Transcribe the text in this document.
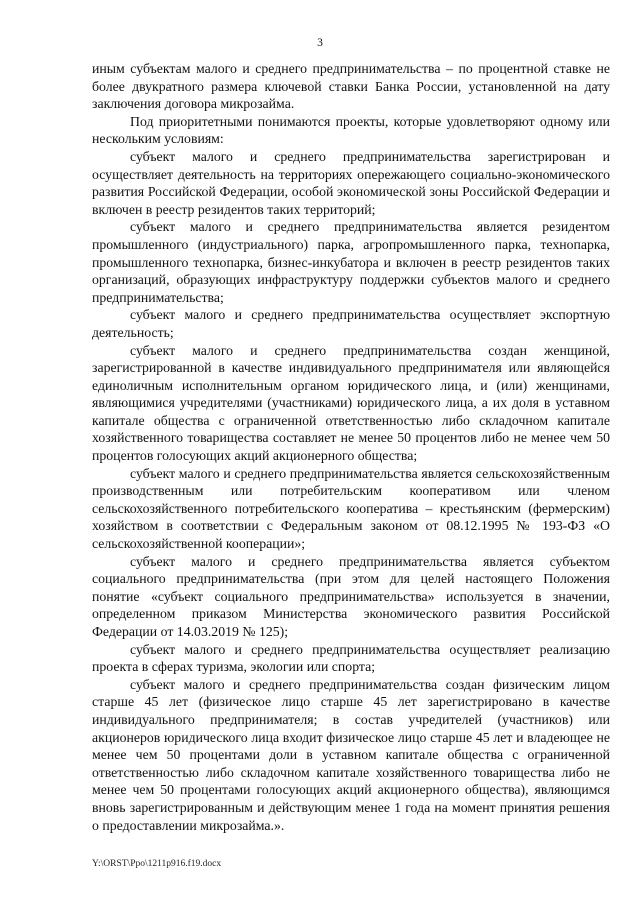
3

иным субъектам малого и среднего предпринимательства – по процентной ставке не более двукратного размера ключевой ставки Банка России, установленной на дату заключения договора микрозайма.

Под приоритетными понимаются проекты, которые удовлетворяют одному или нескольким условиям:

субъект малого и среднего предпринимательства зарегистрирован и осуществляет деятельность на территориях опережающего социально-экономического развития Российской Федерации, особой экономической зоны Российской Федерации и включен в реестр резидентов таких территорий;

субъект малого и среднего предпринимательства является резидентом промышленного (индустриального) парка, агропромышленного парка, технопарка, промышленного технопарка, бизнес-инкубатора и включен в реестр резидентов таких организаций, образующих инфраструктуру поддержки субъектов малого и среднего предпринимательства;

субъект малого и среднего предпринимательства осуществляет экспортную деятельность;

субъект малого и среднего предпринимательства создан женщиной, зарегистрированной в качестве индивидуального предпринимателя или являющейся единоличным исполнительным органом юридического лица, и (или) женщинами, являющимися учредителями (участниками) юридического лица, а их доля в уставном капитале общества с ограниченной ответственностью либо складочном капитале хозяйственного товарищества составляет не менее 50 процентов либо не менее чем 50 процентов голосующих акций акционерного общества;

субъект малого и среднего предпринимательства является сельскохозяйственным производственным или потребительским кооперативом или членом сельскохозяйственного потребительского кооператива – крестьянским (фермерским) хозяйством в соответствии с Федеральным законом от 08.12.1995 № 193-ФЗ «О сельскохозяйственной кооперации»;

субъект малого и среднего предпринимательства является субъектом социального предпринимательства (при этом для целей настоящего Положения понятие «субъект социального предпринимательства» используется в значении, определенном приказом Министерства экономического развития Российской Федерации от 14.03.2019 № 125);

субъект малого и среднего предпринимательства осуществляет реализацию проекта в сферах туризма, экологии или спорта;

субъект малого и среднего предпринимательства создан физическим лицом старше 45 лет (физическое лицо старше 45 лет зарегистрировано в качестве индивидуального предпринимателя; в состав учредителей (участников) или акционеров юридического лица входит физическое лицо старше 45 лет и владеющее не менее чем 50 процентами доли в уставном капитале общества с ограниченной ответственностью либо складочном капитале хозяйственного товарищества либо не менее чем 50 процентами голосующих акций акционерного общества), являющимся вновь зарегистрированным и действующим менее 1 года на момент принятия решения о предоставлении микрозайма.».

Y:\ORST\Ppo\1211p916.f19.docx
